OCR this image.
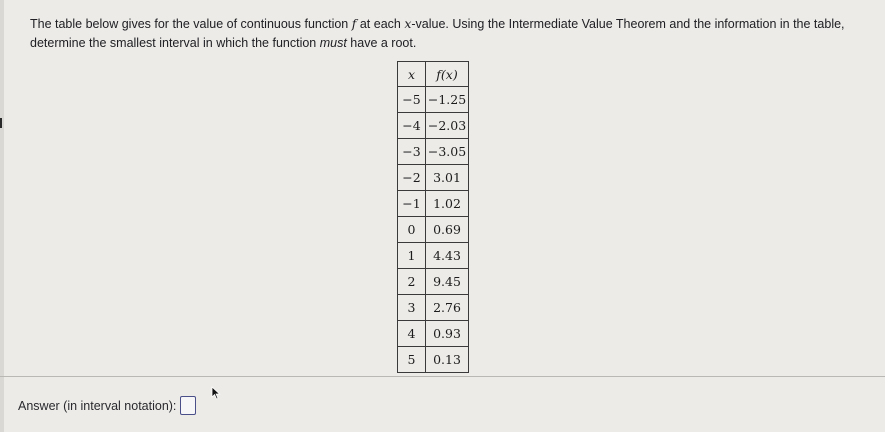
The table below gives for the value of continuous function f at each x-value. Using the Intermediate Value Theorem and the information in the table,
determine the smallest interval in which the function must have a root.
x	f(x)
−5	−1.25
−4	−2.03
−3	−3.05
−2	3.01
−1	1.02
0	0.69
1	4.43
2	9.45
3	2.76
4	0.93
5	0.13
Answer (in interval notation):
